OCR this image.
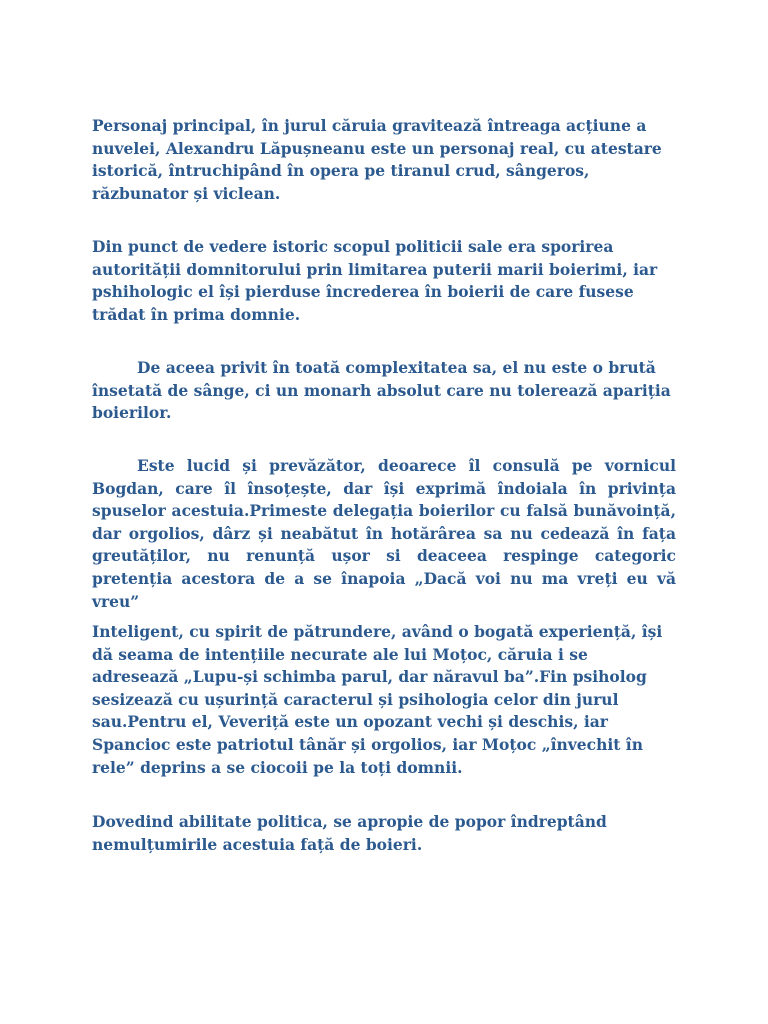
Personaj principal, în jurul căruia gravitează întreaga acțiune a nuvelei, Alexandru Lăpușneanu este un personaj real, cu atestare istorică, întruchipând în opera pe tiranul crud, sângeros, răzbunator și viclean.

Din punct de vedere istoric scopul politicii sale era sporirea autorității domnitorului prin limitarea puterii marii boierimi, iar pshihologic el își pierduse încrederea în boierii de care fusese trădat în prima domnie.

De aceea privit în toată complexitatea sa, el nu este o brută însetată de sânge, ci un monarh absolut care nu tolerează apariția boierilor.

Este lucid și prevăzător, deoarece îl consulă pe vornicul Bogdan, care îl însoțește, dar își exprimă îndoiala în privința spuselor acestuia.Primeste delegația boierilor cu falsă bunăvoință, dar orgolios, dârz și neabătut în hotărârea sa nu cedează în fața greutăților, nu renunță ușor si deaceea respinge categoric pretenția acestora de a se înapoia „Dacă voi nu ma vreți eu vă vreu”

Inteligent, cu spirit de pătrundere, având o bogată experiență, își dă seama de intențiile necurate ale lui Moțoc, căruia i se adresează „Lupu-și schimba parul, dar năravul ba”.Fin psiholog sesizează cu ușurință caracterul și psihologia celor din jurul sau.Pentru el, Veveriță este un opozant vechi și deschis, iar Spancioc este patriotul tânăr și orgolios, iar Moțoc „învechit în rele” deprins a se ciocoii pe la toți domnii.

Dovedind abilitate politica, se apropie de popor îndreptând nemulțumirile acestuia față de boieri.
